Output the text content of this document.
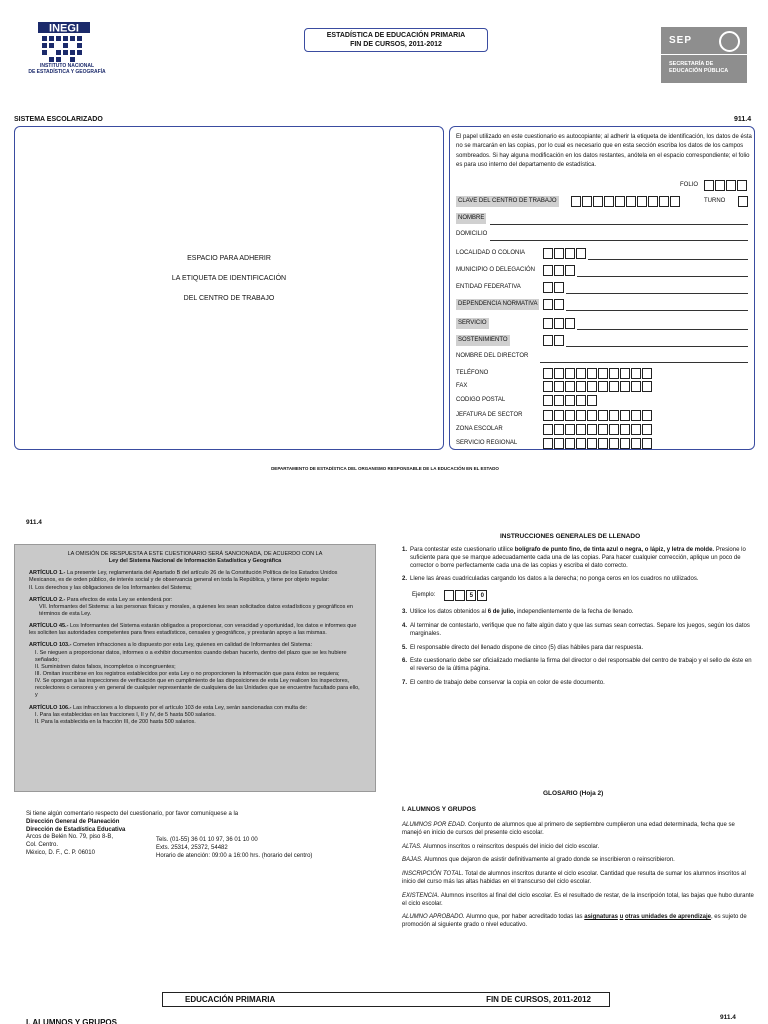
INEGI
INSTITUTO NACIONAL
DE ESTADÍSTICA Y GEOGRAFÍA
ESTADÍSTICA DE EDUCACIÓN PRIMARIA
FIN DE CURSOS, 2011-2012	SEP
SECRETARÍA DE
EDUCACIÓN PÚBLICA
SISTEMA ESCOLARIZADO	911.4
ESPACIO PARA ADHERIR
LA ETIQUETA DE IDENTIFICACIÓN
DEL CENTRO DE TRABAJO
El papel utilizado en este cuestionario es autocopiante; al adherir la etiqueta de identificación, los datos de ésta no se marcarán en las copias, por lo cual es necesario que en esta sección escriba los datos de los campos sombreados. Si hay alguna modificación en los datos restantes, anótela en el espacio correspondiente; el folio es para uso interno del departamento de estadística.
FOLIO
CLAVE DEL CENTRO DE TRABAJO	TURNO
NOMBRE
DOMICILIO
LOCALIDAD O COLONIA
MUNICIPIO O DELEGACIÓN
ENTIDAD FEDERATIVA
DEPENDENCIA NORMATIVA
SERVICIO
SOSTENIMIENTO
NOMBRE DEL DIRECTOR
TELÉFONO
FAX
CODIGO POSTAL
JEFATURA DE SECTOR
ZONA ESCOLAR
SERVICIO REGIONAL
DEPARTAMENTO DE ESTADÍSTICA DEL ORGANISMO RESPONSABLE DE LA EDUCACIÓN EN EL ESTADO
911.4

LA OMISIÓN DE RESPUESTA A ESTE CUESTIONARIO SERÁ SANCIONADA, DE ACUERDO CON LA
Ley del Sistema Nacional de Información Estadística y Geográfica

ARTÍCULO 1.- La presente Ley, reglamentaria del Apartado B del artículo 26 de la Constitución Política de los Estados Unidos Mexicanos, es de orden público, de interés social y de observancia general en toda la República, y tiene por objeto regular:
II. Los derechos y las obligaciones de los Informantes del Sistema;

ARTÍCULO 2.- Para efectos de esta Ley se entenderá por:

VII. Informantes del Sistema: a las personas físicas y morales, a quienes les sean solicitados datos estadísticos y geográficos en términos de esta Ley.

ARTÍCULO 45.- Los Informantes del Sistema estarán obligados a proporcionar, con veracidad y oportunidad, los datos e informes que les soliciten las autoridades competentes para fines estadísticos, censales y geográficos, y prestarán apoyo a las mismas.

ARTÍCULO 103.- Cometen infracciones a lo dispuesto por esta Ley, quienes en calidad de Informantes del Sistema:

I. Se nieguen a proporcionar datos, informes o a exhibir documentos cuando deban hacerlo, dentro del plazo que se les hubiere señalado;
II. Suministren datos falsos, incompletos o incongruentes;
III. Omitan inscribirse en los registros establecidos por esta Ley o no proporcionen la información que para éstos se requiera;
IV. Se opongan a las inspecciones de verificación que en cumplimiento de las disposiciones de esta Ley realicen los inspectores, recolectores o censores y en general de cualquier representante de cualquiera de las Unidades que se encuentre facultado para ello, y

ARTÍCULO 106.- Las infracciones a lo dispuesto por el artículo 103 de esta Ley, serán sancionadas con multa de:

I. Para las establecidas en las fracciones I, II y IV, de 5 hasta 500 salarios.
II. Para la establecida en la fracción III, de 200 hasta 500 salarios.

Si tiene algún comentario respecto del cuestionario, por favor comuníquese a la
Dirección General de Planeación
Dirección de Estadística Educativa
Arcos de Belén No. 79, piso 8-B,
Col. Centro.
México, D. F., C. P. 06010
Tels. (01-55) 36 01 10 97, 36 01 10 00
Exts. 25314, 25372, 54482
Horario de atención: 09:00 a 16:00 hrs. (horario del centro)
INSTRUCCIONES GENERALES DE LLENADO
1. Para contestar este cuestionario utilice bolígrafo de punto fino, de tinta azul o negra, o lápiz, y letra de molde. Presione lo suficiente para que se marque adecuadamente cada una de las copias. Para hacer cualquier corrección, aplique un poco de corrector o borre perfectamente cada una de las copias y escriba el dato correcto.
2. Llene las áreas cuadriculadas cargando los datos a la derecha; no ponga ceros en los cuadros no utilizados.
Ejemplo:	5	0
3. Utilice los datos obtenidos al 6 de julio, independientemente de la fecha de llenado.
4. Al terminar de contestarlo, verifique que no falte algún dato y que las sumas sean correctas. Separe los juegos, según los datos marginales.
5. El responsable directo del llenado dispone de cinco (5) días hábiles para dar respuesta.
6. Este cuestionario debe ser oficializado mediante la firma del director o del responsable del centro de trabajo y el sello de éste en el reverso de la última página.
7. El centro de trabajo debe conservar la copia en color de este documento.
GLOSARIO (Hoja 2)
I. ALUMNOS Y GRUPOS

ALUMNOS POR EDAD. Conjunto de alumnos que al primero de septiembre cumplieron una edad determinada, fecha que se manejó en inicio de cursos del presente ciclo escolar.

ALTAS. Alumnos inscritos o reinscritos después del inicio del ciclo escolar.

BAJAS. Alumnos que dejaron de asistir definitivamente al grado donde se inscribieron o reinscribieron.

INSCRIPCIÓN TOTAL. Total de alumnos inscritos durante el ciclo escolar. Cantidad que resulta de sumar los alumnos inscritos al inicio del curso más las altas habidas en el transcurso del ciclo escolar.

EXISTENCIA. Alumnos inscritos al final del ciclo escolar. Es el resultado de restar, de la inscripción total, las bajas que hubo durante el ciclo escolar.

ALUMNO APROBADO. Alumno que, por haber acreditado todas las asignaturas u otras unidades de aprendizaje, es sujeto de promoción al siguiente grado o nivel educativo.

EDUCACIÓN PRIMARIA	FIN DE CURSOS, 2011-2012
911.4
I. ALUMNOS Y GRUPOS
